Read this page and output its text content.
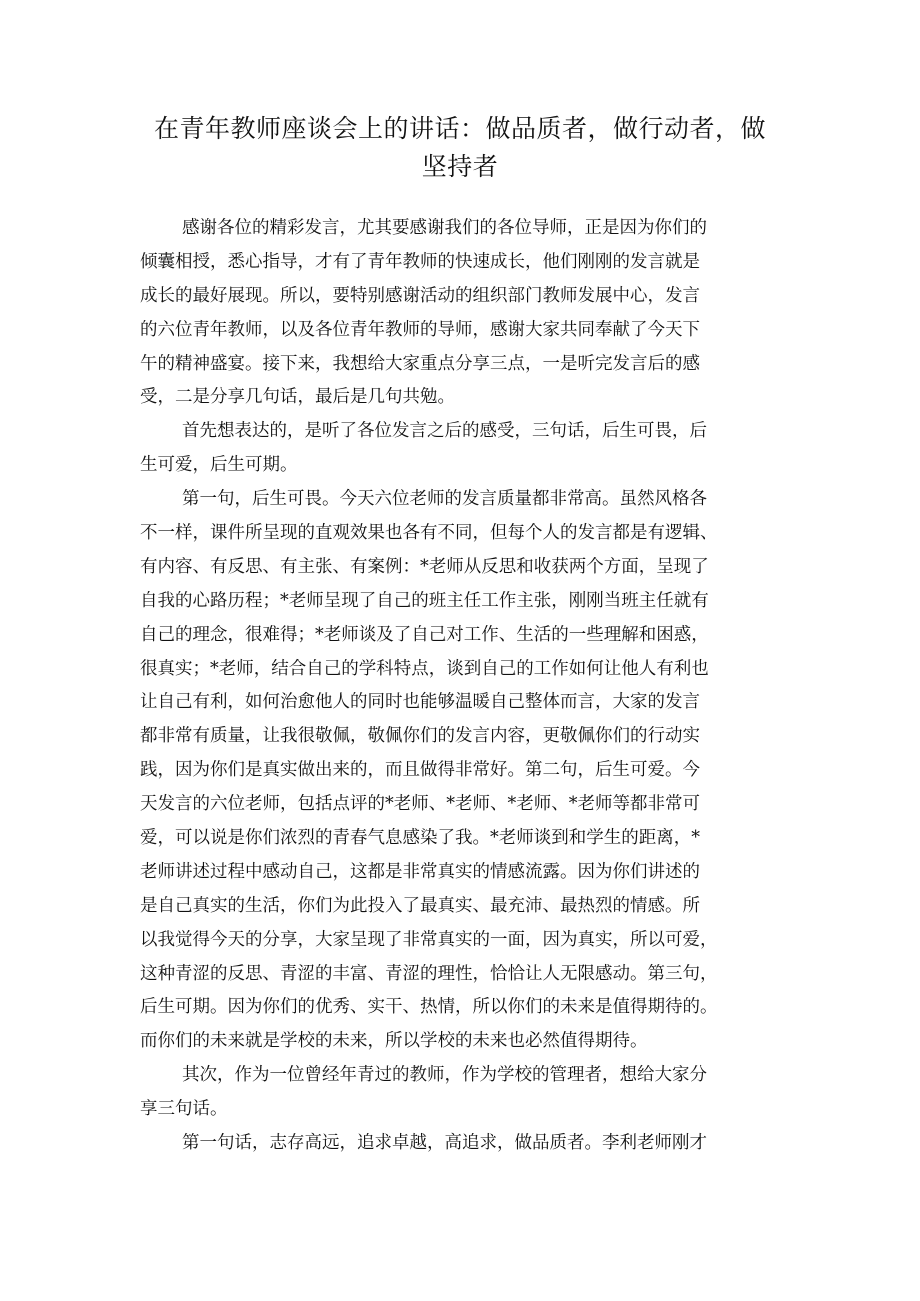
在青年教师座谈会上的讲话：做品质者，做行动者，做
坚持者
感谢各位的精彩发言，尤其要感谢我们的各位导师，正是因为你们的
倾囊相授，悉心指导，才有了青年教师的快速成长，他们刚刚的发言就是
成长的最好展现。所以，要特别感谢活动的组织部门教师发展中心，发言
的六位青年教师，以及各位青年教师的导师，感谢大家共同奉献了今天下
午的精神盛宴。接下来，我想给大家重点分享三点，一是听完发言后的感
受，二是分享几句话，最后是几句共勉。
首先想表达的，是听了各位发言之后的感受，三句话，后生可畏，后
生可爱，后生可期。
第一句，后生可畏。今天六位老师的发言质量都非常高。虽然风格各
不一样，课件所呈现的直观效果也各有不同，但每个人的发言都是有逻辑、
有内容、有反思、有主张、有案例：*老师从反思和收获两个方面，呈现了
自我的心路历程；*老师呈现了自己的班主任工作主张，刚刚当班主任就有
自己的理念，很难得；*老师谈及了自己对工作、生活的一些理解和困惑，
很真实；*老师，结合自己的学科特点，谈到自己的工作如何让他人有利也
让自己有利，如何治愈他人的同时也能够温暖自己整体而言，大家的发言
都非常有质量，让我很敬佩，敬佩你们的发言内容，更敬佩你们的行动实
践，因为你们是真实做出来的，而且做得非常好。第二句，后生可爱。今
天发言的六位老师，包括点评的*老师、*老师、*老师、*老师等都非常可
爱，可以说是你们浓烈的青春气息感染了我。*老师谈到和学生的距离，*
老师讲述过程中感动自己，这都是非常真实的情感流露。因为你们讲述的
是自己真实的生活，你们为此投入了最真实、最充沛、最热烈的情感。所
以我觉得今天的分享，大家呈现了非常真实的一面，因为真实，所以可爱，
这种青涩的反思、青涩的丰富、青涩的理性，恰恰让人无限感动。第三句，
后生可期。因为你们的优秀、实干、热情，所以你们的未来是值得期待的。
而你们的未来就是学校的未来，所以学校的未来也必然值得期待。
其次，作为一位曾经年青过的教师，作为学校的管理者，想给大家分
享三句话。
第一句话，志存高远，追求卓越，高追求，做品质者。李利老师刚才
